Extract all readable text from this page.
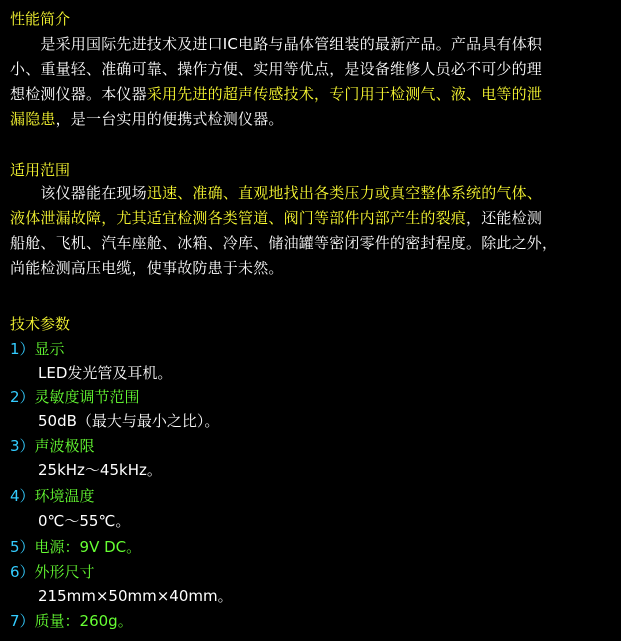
性能简介
　　是采用国际先进技术及进口IC电路与晶体管组装的最新产品。产品具有体积
小、重量轻、准确可靠、操作方便、实用等优点，是设备维修人员必不可少的理
想检测仪器。本仪器采用先进的超声传感技术，专门用于检测气、液、电等的泄
漏隐患，是一台实用的便携式检测仪器。
适用范围
　　该仪器能在现场迅速、准确、直观地找出各类压力或真空整体系统的气体、
液体泄漏故障，尤其适宜检测各类管道、阀门等部件内部产生的裂痕，还能检测
船舱、飞机、汽车座舱、冰箱、冷库、储油罐等密闭零件的密封程度。除此之外，
尚能检测高压电缆，使事故防患于未然。
技术参数
1）显示
LED发光管及耳机。
2）灵敏度调节范围
50dB（最大与最小之比）。
3）声波极限
25kHz～45kHz。
4）环境温度
0℃～55℃。
5）电源：9V DC。
6）外形尺寸
215mm×50mm×40mm。
7）质量：260g。
